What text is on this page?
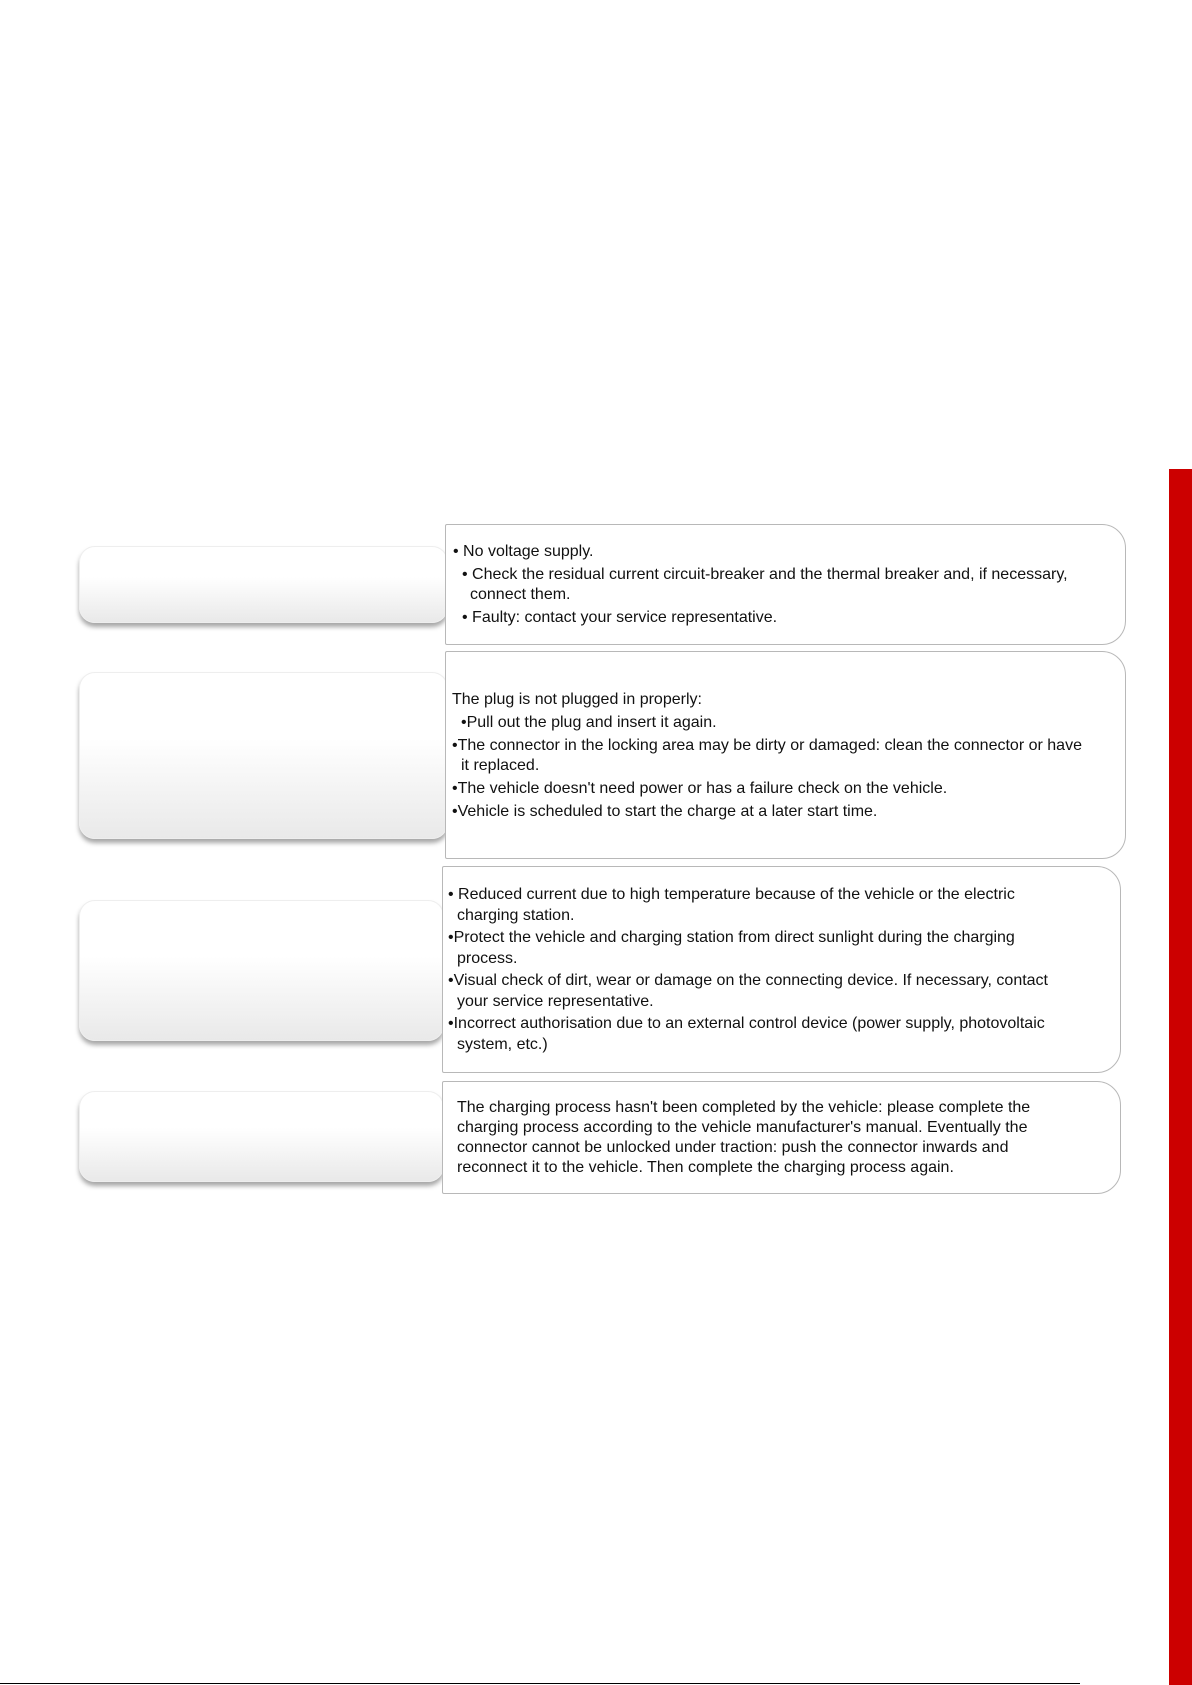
• No voltage supply.
• Check the residual current circuit-breaker and the thermal breaker and, if necessary,
connect them.
• Faulty: contact your service representative.
The plug is not plugged in properly:
•Pull out the plug and insert it again.
•The connector in the locking area may be dirty or damaged: clean the connector or have
it replaced.
•The vehicle doesn't need power or has a failure check on the vehicle.
•Vehicle is scheduled to start the charge at a later start time.
• Reduced current due to high temperature because of the vehicle or the electric
charging station.
•Protect the vehicle and charging station from direct sunlight during the charging
process.
•Visual check of dirt, wear or damage on the connecting device. If necessary, contact
your service representative.
•Incorrect authorisation due to an external control device (power supply, photovoltaic
system, etc.)
The charging process hasn't been completed by the vehicle: please complete the
charging process according to the vehicle manufacturer's manual. Eventually the
connector cannot be unlocked under traction: push the connector inwards and
reconnect it to the vehicle. Then complete the charging process again.
